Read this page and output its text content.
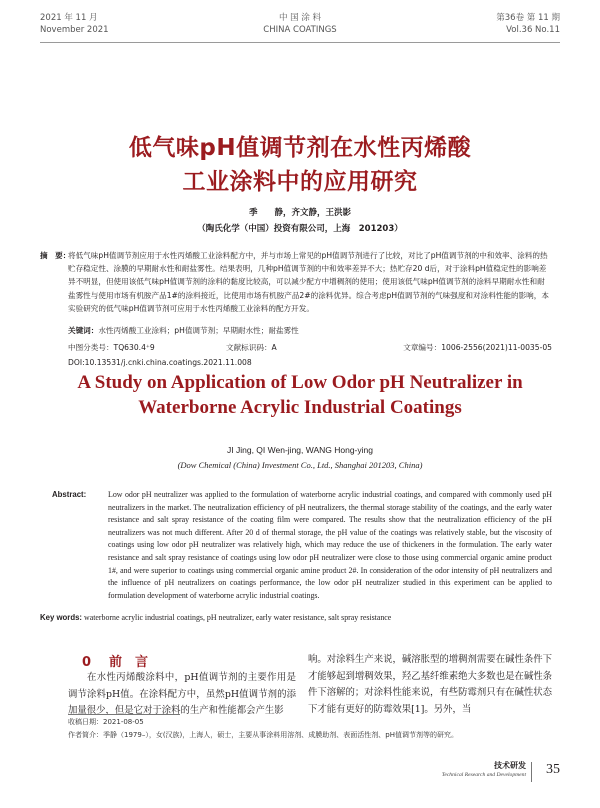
2021 年 11 月
November 2021
中 国 涂 料
CHINA COATINGS
第36卷 第 11 期
Vol.36 No.11
低气味pH值调节剂在水性丙烯酸
工业涂料中的应用研究
季　　静，齐文静，王洪影
（陶氏化学（中国）投资有限公司，上海　201203）
摘　要：
将低气味pH值调节剂应用于水性丙烯酸工业涂料配方中，并与市场上常见的pH值调节剂进行了比较，对比了pH值调节剂的中和效率、涂料的热贮存稳定性、涂膜的早期耐水性和耐盐雾性。结果表明，几种pH值调节剂的中和效率差异不大；热贮存20 d后，对于涂料pH值稳定性的影响差异不明显，但使用该低气味pH值调节剂的涂料的黏度比较高，可以减少配方中增稠剂的使用；使用该低气味pH值调节剂的涂料早期耐水性和耐盐雾性与使用市场有机胺产品1#的涂料接近，比使用市场有机胺产品2#的涂料优异。综合考虑pH值调节剂的气味强度和对涂料性能的影响，本实验研究的低气味pH值调节剂可应用于水性丙烯酸工业涂料的配方开发。
关键词：水性丙烯酸工业涂料；pH值调节剂；早期耐水性；耐盐雾性
中图分类号：TQ630.4⁺9	文献标识码：A	文章编号：1006-2556(2021)11-0035-05
DOI:10.13531/j.cnki.china.coatings.2021.11.008
A Study on Application of Low Odor pH Neutralizer in
Waterborne Acrylic Industrial Coatings
JI Jing, QI Wen-jing, WANG Hong-ying
(Dow Chemical (China) Investment Co., Ltd., Shanghai 201203, China)
Abstract:	Low odor pH neutralizer was applied to the formulation of waterborne acrylic industrial coatings, and compared with commonly used pH neutralizers in the market. The neutralization efficiency of pH neutralizers, the thermal storage stability of the coatings, and the early water resistance and salt spray resistance of the coating film were compared. The results show that the neutralization efficiency of the pH neutralizers was not much different. After 20 d of thermal storage, the pH value of the coatings was relatively stable, but the viscosity of coatings using low odor pH neutralizer was relatively high, which may reduce the use of thickeners in the formulation. The early water resistance and salt spray resistance of coatings using low odor pH neutralizer were close to those using commercial organic amine product 1#, and were superior to coatings using commercial organic amine product 2#. In consideration of the odor intensity of pH neutralizers and the influence of pH neutralizers on coatings performance, the low odor pH neutralizer studied in this experiment can be applied to formulation development of waterborne acrylic industrial coatings.
Key words: waterborne acrylic industrial coatings, pH neutralizer, early water resistance, salt spray resistance
0 前　言

在水性丙烯酸涂料中，pH值调节剂的主要作用是调节涂料pH值。在涂料配方中，虽然pH值调节剂的添加量很少，但是它对于涂料的生产和性能都会产生影

响。对涂料生产来说，碱溶胀型的增稠剂需要在碱性条件下才能够起到增稠效果，羟乙基纤维素绝大多数也是在碱性条件下溶解的；对涂料性能来说，有些防霉剂只有在碱性状态下才能有更好的防霉效果[1]。另外，当

收稿日期：2021-08-05
作者简介：季静（1979–），女(汉族)，上海人，硕士，主要从事涂料用溶剂、成膜助剂、表面活性剂、pH值调节剂等的研究。
技术研发
Technical Research and Development 35
